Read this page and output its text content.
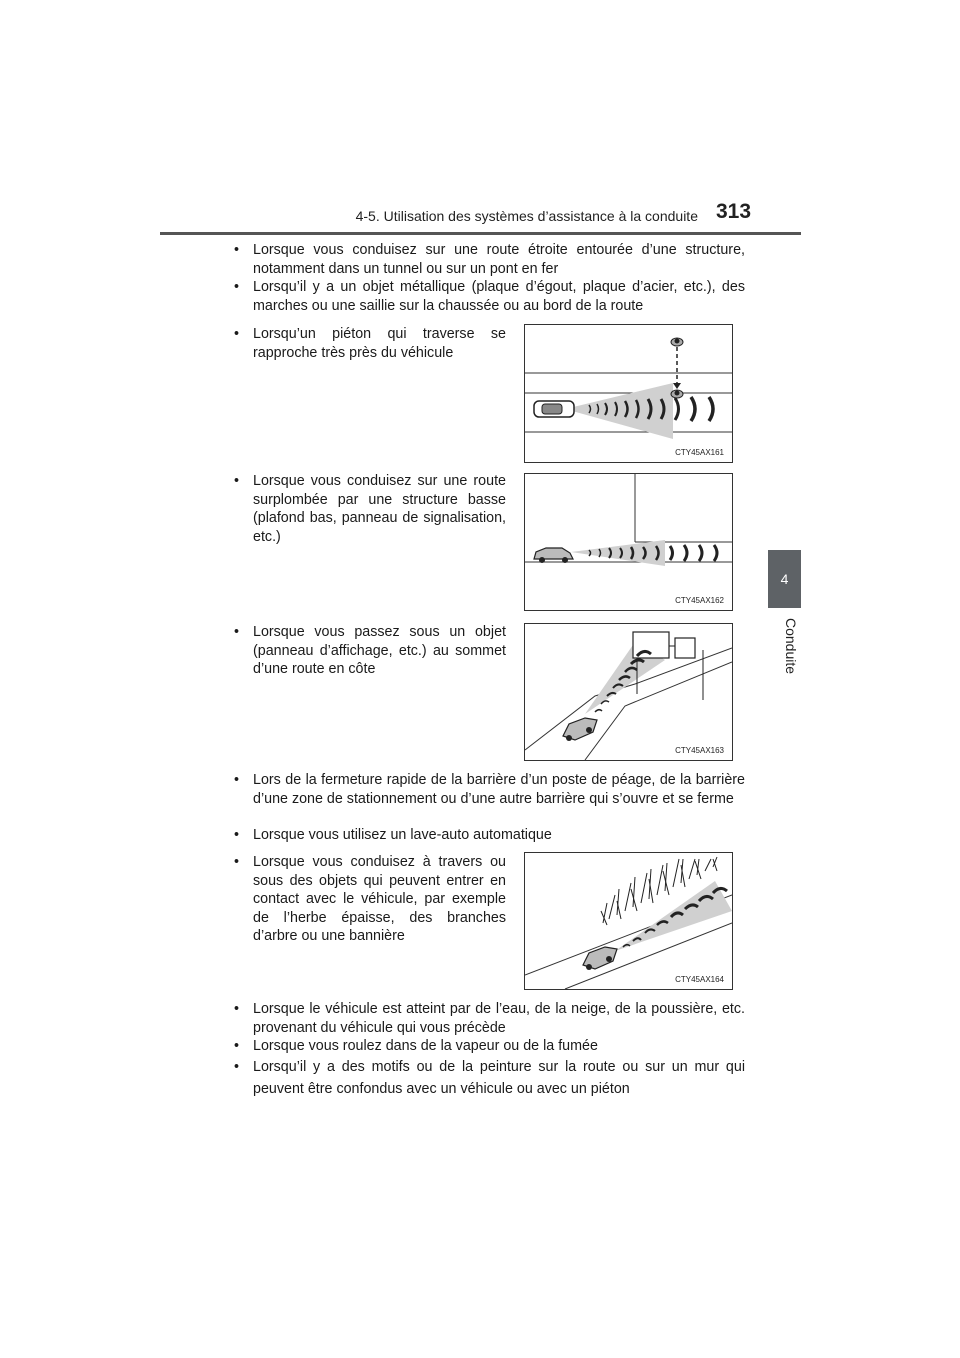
4-5. Utilisation des systèmes d’assistance à la conduite 313
4
Conduite
• Lorsque vous conduisez sur une route étroite entourée d’une structure, notamment dans un tunnel ou sur un pont en fer
• Lorsqu’il y a un objet métallique (plaque d’égout, plaque d’acier, etc.), des marches ou une saillie sur la chaussée ou au bord de la route
• Lorsqu’un piéton qui traverse se rapproche très près du véhicule
• Lorsque vous conduisez sur une route surplombée par une structure basse (plafond bas, panneau de signalisation, etc.)
• Lorsque vous passez sous un objet (panneau d’affichage, etc.) au sommet d’une route en côte
• Lors de la fermeture rapide de la barrière d’un poste de péage, de la barrière d’une zone de stationnement ou d’une autre barrière qui s’ouvre et se ferme
• Lorsque vous utilisez un lave-auto automatique
• Lorsque vous conduisez à travers ou sous des objets qui peuvent entrer en contact avec le véhicule, par exemple de l’herbe épaisse, des branches d’arbre ou une bannière
• Lorsque le véhicule est atteint par de l’eau, de la neige, de la poussière, etc. provenant du véhicule qui vous précède
• Lorsque vous roulez dans de la vapeur ou de la fumée
• Lorsqu’il y a des motifs ou de la peinture sur la route ou sur un mur qui peuvent être confondus avec un véhicule ou avec un piéton
CTY45AX161
CTY45AX162
CTY45AX163
CTY45AX164
